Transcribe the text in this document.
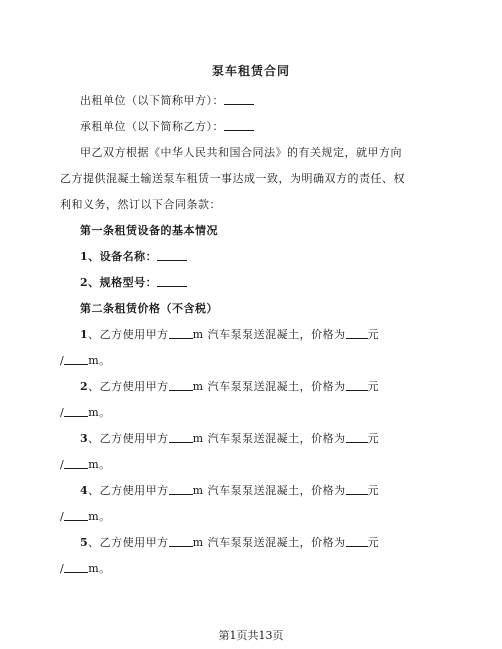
泵车租赁合同
出租单位（以下简称甲方）：
承租单位（以下简称乙方）：
甲乙双方根据《中华人民共和国合同法》的有关规定，就甲方向
乙方提供混凝土输送泵车租赁一事达成一致，为明确双方的责任、权
利和义务，然订以下合同条款：
第一条租赁设备的基本情况
1、设备名称：
2、规格型号：
第二条租赁价格（不含税）
1、乙方使用甲方 m 汽车泵泵送混凝土，价格为 元
/ m。
2、乙方使用甲方 m 汽车泵泵送混凝土，价格为 元
/ m。
3、乙方使用甲方 m 汽车泵泵送混凝土，价格为 元
/ m。
4、乙方使用甲方 m 汽车泵泵送混凝土，价格为 元
/ m。
5、乙方使用甲方 m 汽车泵泵送混凝土，价格为 元
/ m。
第1页共13页
